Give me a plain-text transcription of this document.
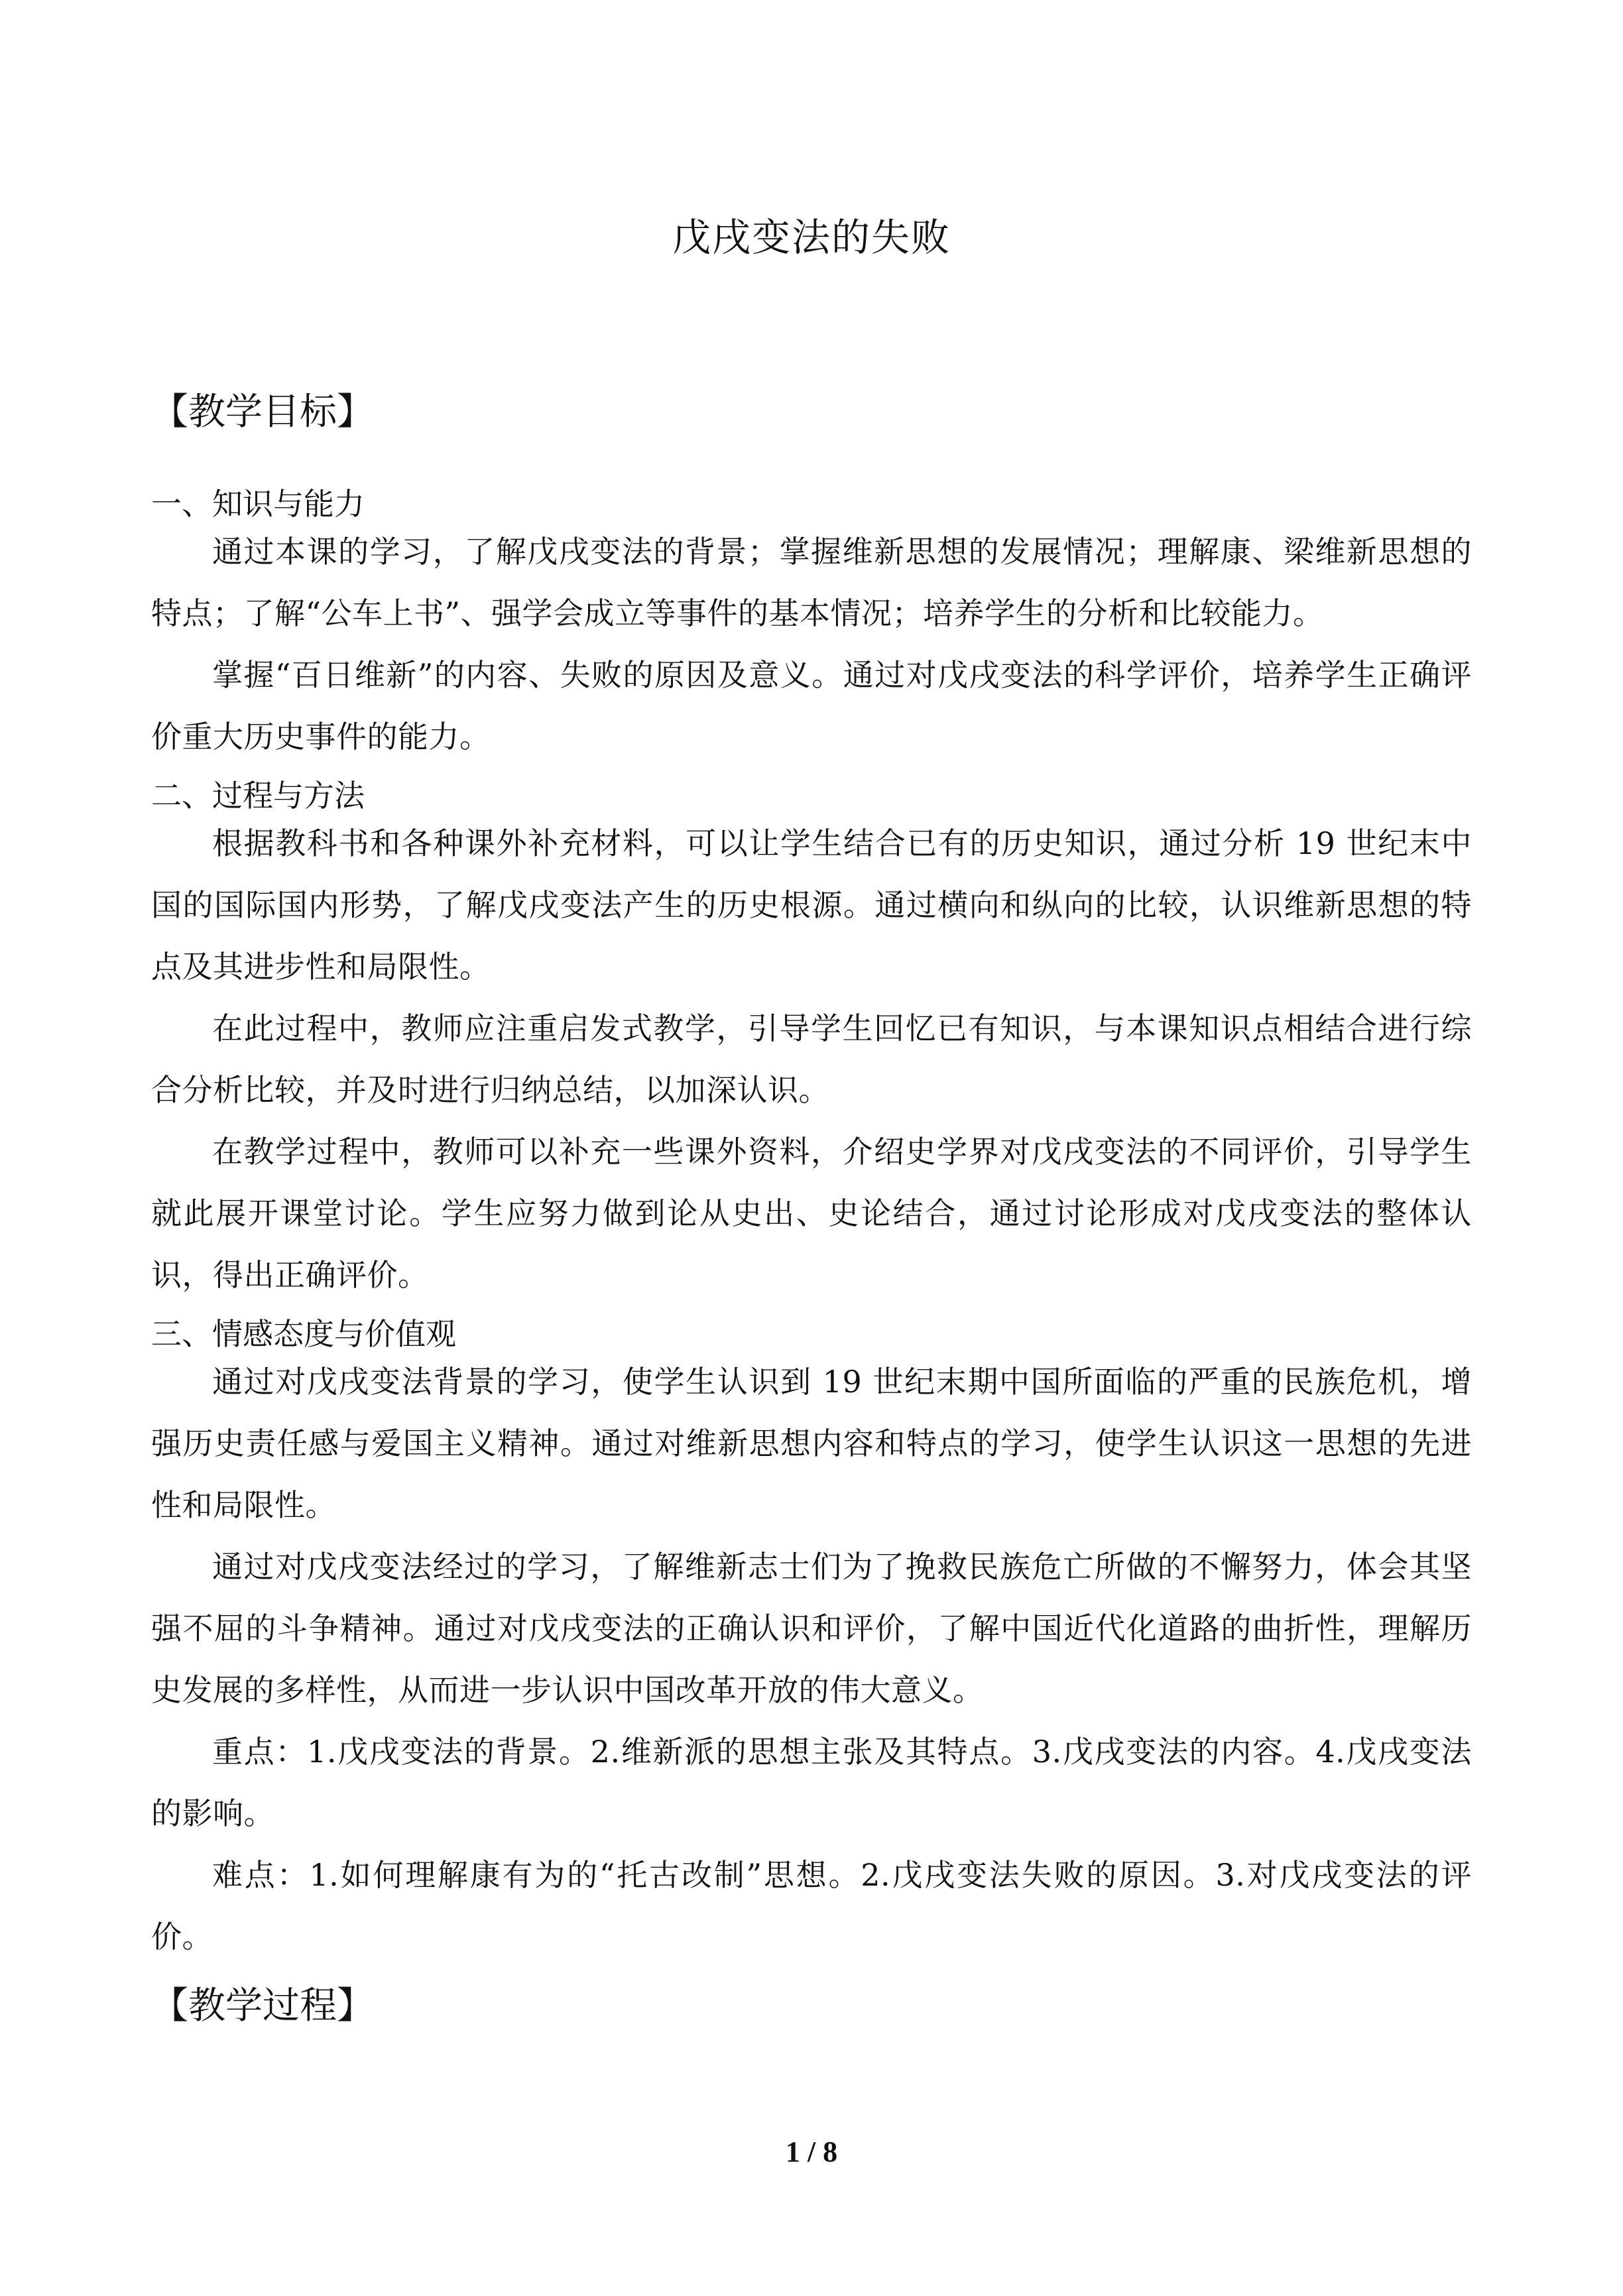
戊戌变法的失败
【教学目标】
一、知识与能力
通过本课的学习，了解戊戌变法的背景；掌握维新思想的发展情况；理解康、梁维新思想的特点；了解“公车上书”、强学会成立等事件的基本情况；培养学生的分析和比较能力。
掌握“百日维新”的内容、失败的原因及意义。通过对戊戌变法的科学评价，培养学生正确评价重大历史事件的能力。
二、过程与方法
根据教科书和各种课外补充材料，可以让学生结合已有的历史知识，通过分析 19 世纪末中国的国际国内形势，了解戊戌变法产生的历史根源。通过横向和纵向的比较，认识维新思想的特点及其进步性和局限性。
在此过程中，教师应注重启发式教学，引导学生回忆已有知识，与本课知识点相结合进行综合分析比较，并及时进行归纳总结，以加深认识。
在教学过程中，教师可以补充一些课外资料，介绍史学界对戊戌变法的不同评价，引导学生就此展开课堂讨论。学生应努力做到论从史出、史论结合，通过讨论形成对戊戌变法的整体认识，得出正确评价。
三、情感态度与价值观
通过对戊戌变法背景的学习，使学生认识到 19 世纪末期中国所面临的严重的民族危机，增强历史责任感与爱国主义精神。通过对维新思想内容和特点的学习，使学生认识这一思想的先进性和局限性。
通过对戊戌变法经过的学习，了解维新志士们为了挽救民族危亡所做的不懈努力，体会其坚强不屈的斗争精神。通过对戊戌变法的正确认识和评价，了解中国近代化道路的曲折性，理解历史发展的多样性，从而进一步认识中国改革开放的伟大意义。
重点：1.戊戌变法的背景。2.维新派的思想主张及其特点。3.戊戌变法的内容。4.戊戌变法的影响。
难点：1.如何理解康有为的“托古改制”思想。2.戊戌变法失败的原因。3.对戊戌变法的评价。
【教学过程】
1 / 8
